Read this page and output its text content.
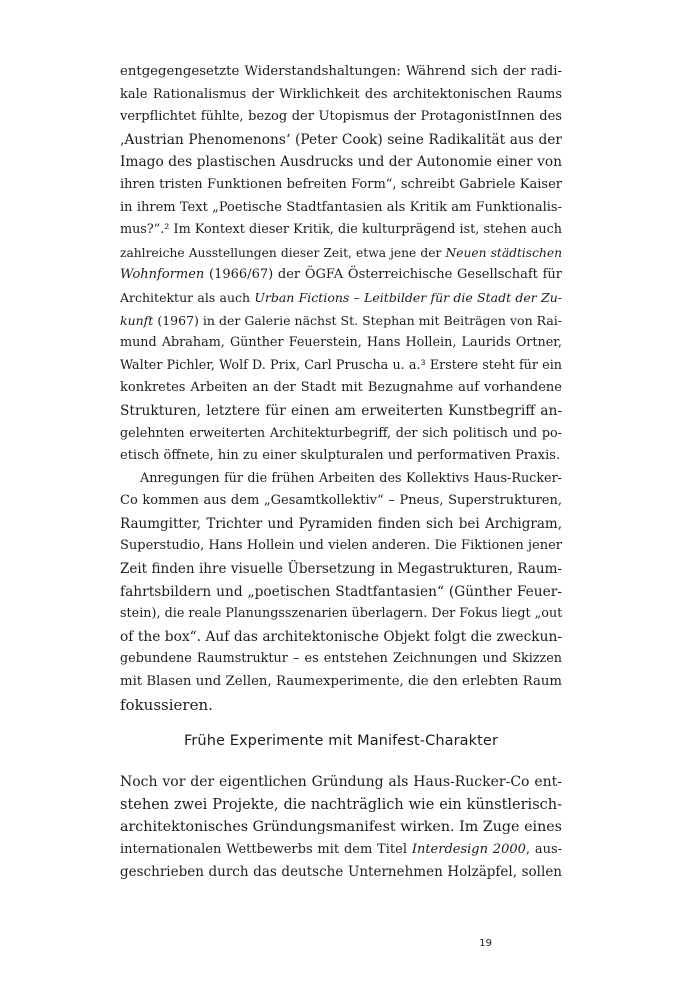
entgegengesetzte Widerstandshaltungen: Während sich der radi-
kale Rationalismus der Wirklichkeit des architektonischen Raums
verpflichtet fühlte, bezog der Utopismus der ProtagonistInnen des
‚Austrian Phenomenons‘ (Peter Cook) seine Radikalität aus der
Imago des plastischen Ausdrucks und der Autonomie einer von
ihren tristen Funktionen befreiten Form“, schreibt Gabriele Kaiser
in ihrem Text „Poetische Stadtfantasien als Kritik am Funktionalis-
mus?“.² Im Kontext dieser Kritik, die kulturprägend ist, stehen auch
zahlreiche Ausstellungen dieser Zeit, etwa jene der Neuen städtischen
Wohnformen (1966/67) der ÖGFA Österreichische Gesellschaft für
Architektur als auch Urban Fictions – Leitbilder für die Stadt der Zu-
kunft (1967) in der Galerie nächst St. Stephan mit Beiträgen von Rai-
mund Abraham, Günther Feuerstein, Hans Hollein, Laurids Ortner,
Walter Pichler, Wolf D. Prix, Carl Pruscha u. a.³ Erstere steht für ein
konkretes Arbeiten an der Stadt mit Bezugnahme auf vorhandene
Strukturen, letztere für einen am erweiterten Kunstbegriff an-
gelehnten erweiterten Architekturbegriff, der sich politisch und po-
etisch öffnete, hin zu einer skulpturalen und performativen Praxis.
Anregungen für die frühen Arbeiten des Kollektivs Haus-Rucker-
Co kommen aus dem „Gesamtkollektiv“ – Pneus, Superstrukturen,
Raumgitter, Trichter und Pyramiden finden sich bei Archigram,
Superstudio, Hans Hollein und vielen anderen. Die Fiktionen jener
Zeit finden ihre visuelle Übersetzung in Megastrukturen, Raum-
fahrtsbildern und „poetischen Stadtfantasien“ (Günther Feuer-
stein), die reale Planungsszenarien überlagern. Der Fokus liegt „out
of the box“. Auf das architektonische Objekt folgt die zweckun-
gebundene Raumstruktur – es entstehen Zeichnungen und Skizzen
mit Blasen und Zellen, Raumexperimente, die den erlebten Raum
fokussieren.
Frühe Experimente mit Manifest-Charakter
Noch vor der eigentlichen Gründung als Haus-Rucker-Co ent-
stehen zwei Projekte, die nachträglich wie ein künstlerisch-
architektonisches Gründungsmanifest wirken. Im Zuge eines
internationalen Wettbewerbs mit dem Titel Interdesign 2000, aus-
geschrieben durch das deutsche Unternehmen Holzäpfel, sollen
19
